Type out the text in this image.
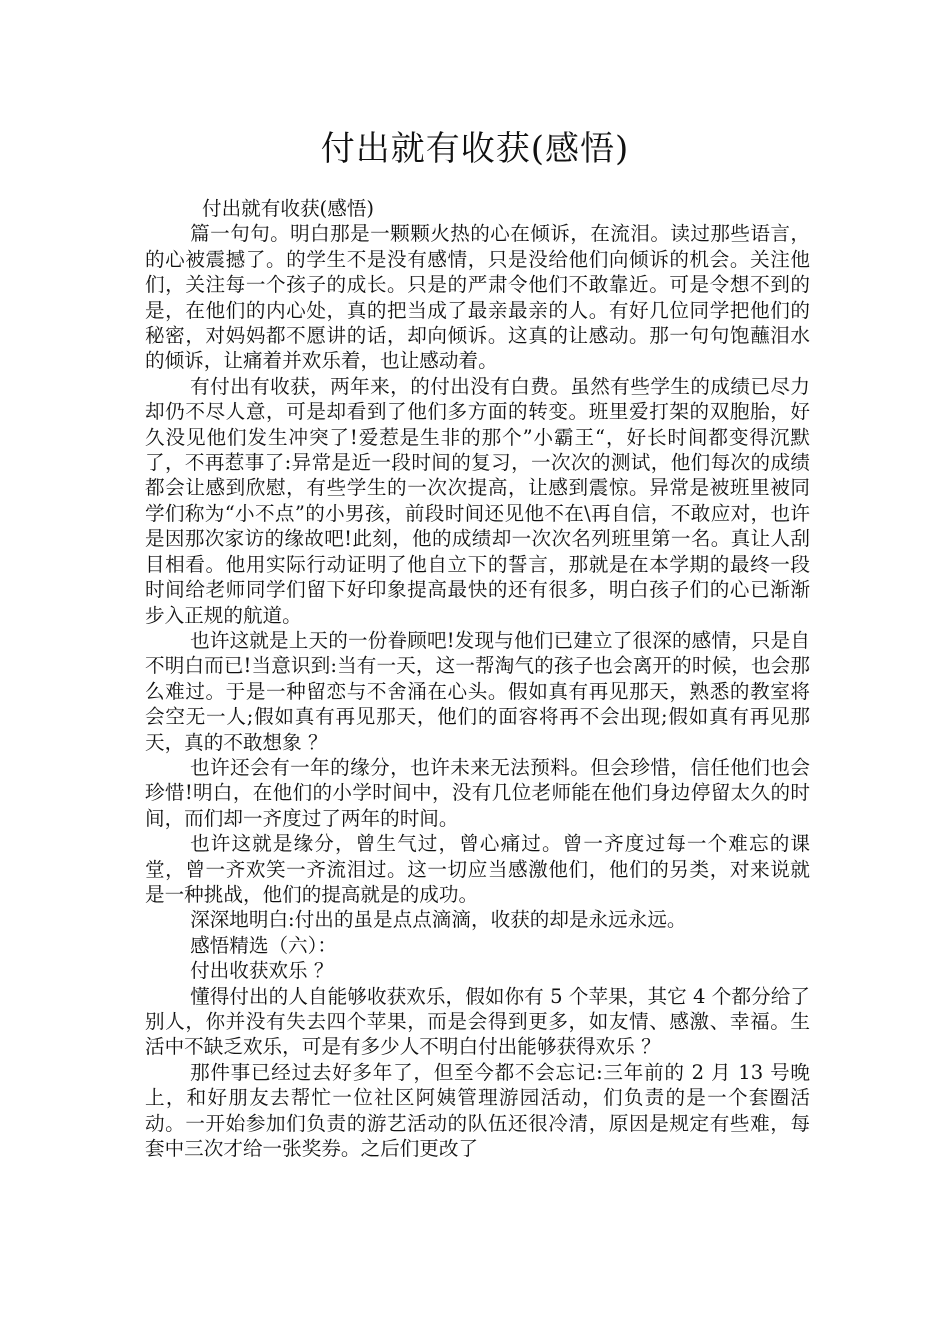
付出就有收获(感悟)

付出就有收获(感悟)

篇一句句。明白那是一颗颗火热的心在倾诉，在流泪。读过那些语言，的心被震撼了。的学生不是没有感情，只是没给他们向倾诉的机会。关注他们，关注每一个孩子的成长。只是的严肃令他们不敢靠近。可是令想不到的是，在他们的内心处，真的把当成了最亲最亲的人。有好几位同学把他们的秘密，对妈妈都不愿讲的话，却向倾诉。这真的让感动。那一句句饱蘸泪水的倾诉，让痛着并欢乐着，也让感动着。

有付出有收获，两年来，的付出没有白费。虽然有些学生的成绩已尽力却仍不尽人意，可是却看到了他们多方面的转变。班里爱打架的双胞胎，好久没见他们发生冲突了!爱惹是生非的那个”小霸王“，好长时间都变得沉默了，不再惹事了:异常是近一段时间的复习，一次次的测试，他们每次的成绩都会让感到欣慰，有些学生的一次次提高，让感到震惊。异常是被班里被同学们称为“小不点”的小男孩，前段时间还见他不在\再自信，不敢应对，也许是因那次家访的缘故吧!此刻，他的成绩却一次次名列班里第一名。真让人刮目相看。他用实际行动证明了他自立下的誓言，那就是在本学期的最终一段时间给老师同学们留下好印象提高最快的还有很多，明白孩子们的心已渐渐步入正规的航道。

也许这就是上天的一份眷顾吧!发现与他们已建立了很深的感情，只是自不明白而已!当意识到:当有一天，这一帮淘气的孩子也会离开的时候，也会那么难过。于是一种留恋与不舍涌在心头。假如真有再见那天，熟悉的教室将会空无一人;假如真有再见那天，他们的面容将再不会出现;假如真有再见那天，真的不敢想象 ？

也许还会有一年的缘分，也许未来无法预料。但会珍惜，信任他们也会珍惜!明白，在他们的小学时间中，没有几位老师能在他们身边停留太久的时间，而们却一齐度过了两年的时间。

也许这就是缘分，曾生气过，曾心痛过。曾一齐度过每一个难忘的课堂，曾一齐欢笑一齐流泪过。这一切应当感激他们，他们的另类，对来说就是一种挑战，他们的提高就是的成功。

深深地明白:付出的虽是点点滴滴，收获的却是永远永远。

感悟精选（六）：

付出收获欢乐 ？

懂得付出的人自能够收获欢乐，假如你有 5 个苹果，其它 4 个都分给了别人，你并没有失去四个苹果，而是会得到更多，如友情、感激、幸福。生活中不缺乏欢乐，可是有多少人不明白付出能够获得欢乐 ？

那件事已经过去好多年了，但至今都不会忘记:三年前的 2 月 13 号晚上，和好朋友去帮忙一位社区阿姨管理游园活动，们负责的是一个套圈活动。一开始参加们负责的游艺活动的队伍还很冷清，原因是规定有些难，每套中三次才给一张奖券。之后们更改了
